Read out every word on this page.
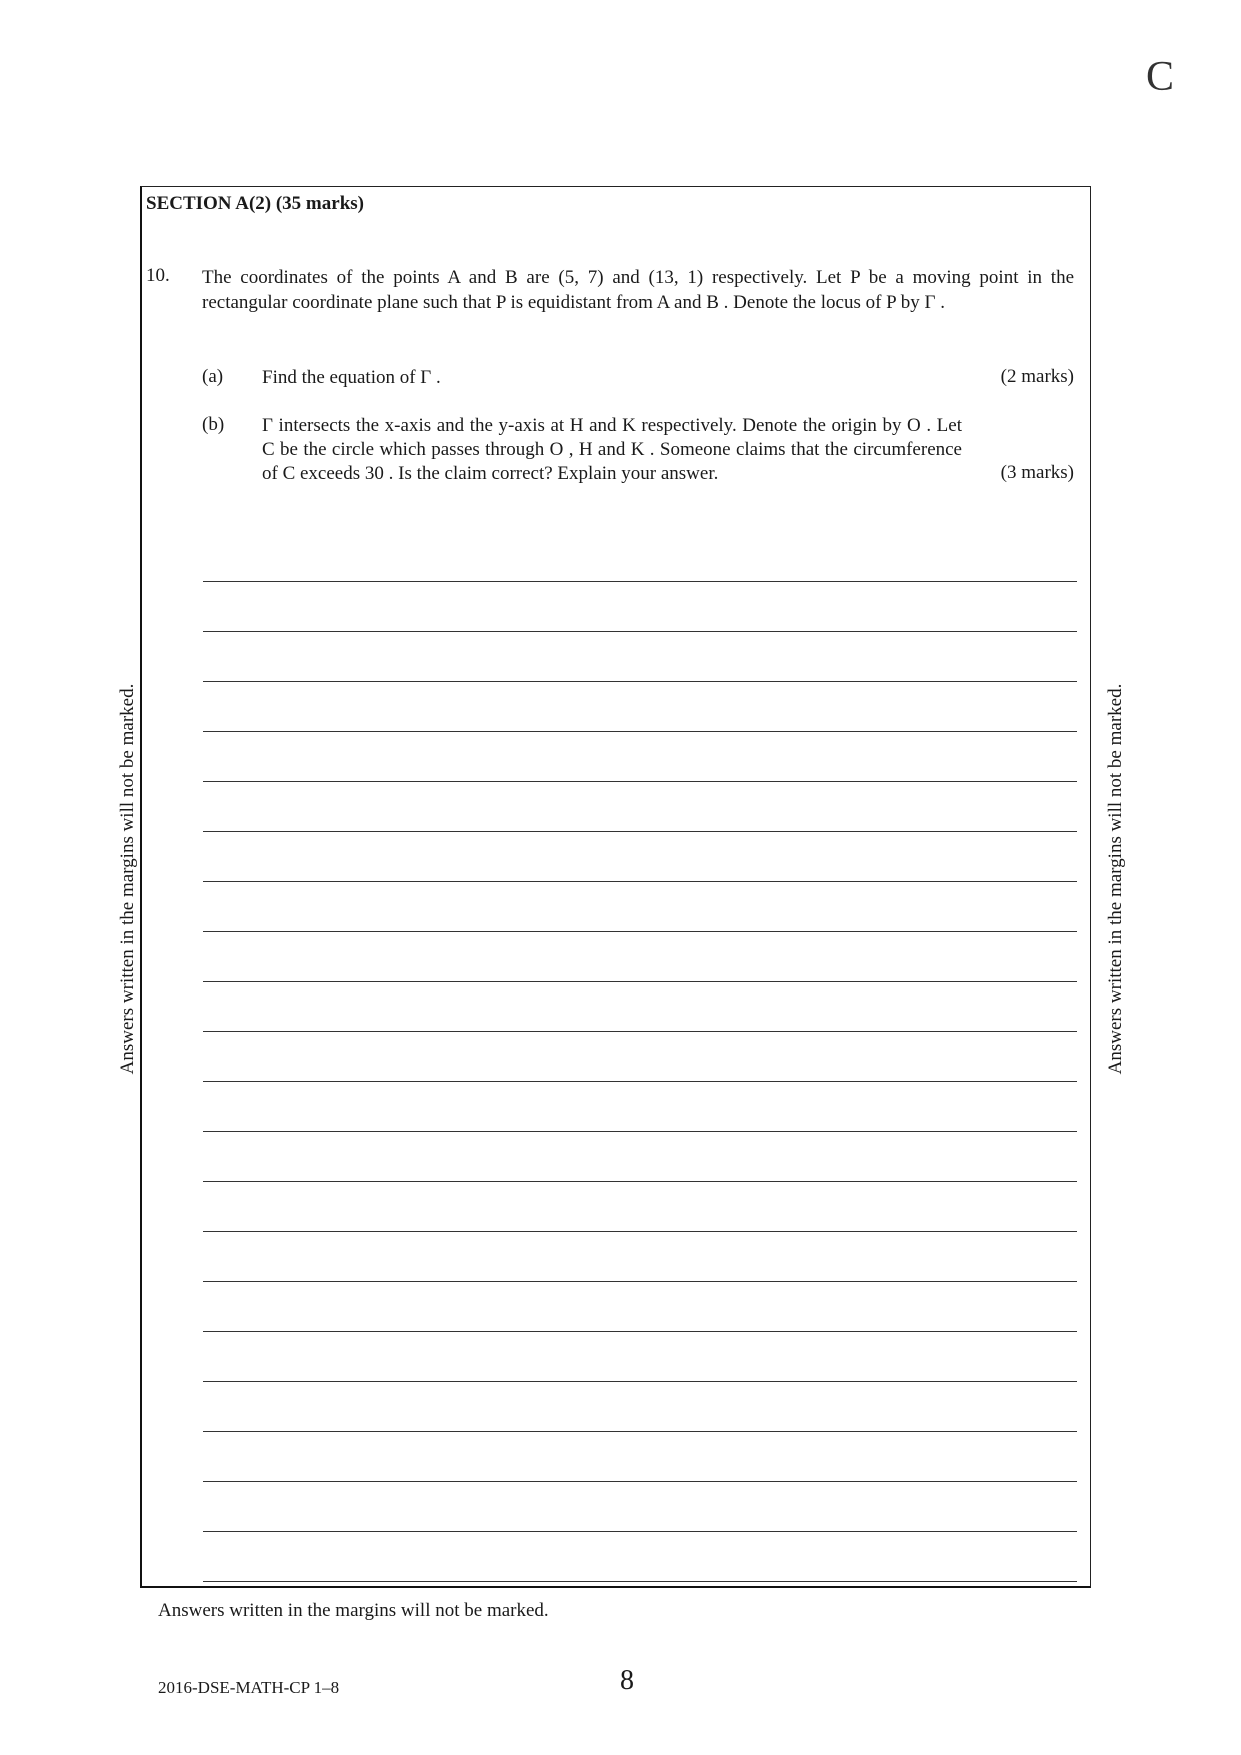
C
SECTION A(2) (35 marks)
10. The coordinates of the points A and B are (5, 7) and (13, 1) respectively. Let P be a moving point in the rectangular coordinate plane such that P is equidistant from A and B . Denote the locus of P by Γ .
(a) Find the equation of Γ .	(2 marks)
(b) Γ intersects the x-axis and the y-axis at H and K respectively. Denote the origin by O . Let C be the circle which passes through O , H and K . Someone claims that the circumference of C exceeds 30 . Is the claim correct? Explain your answer.	(3 marks)
Answers written in the margins will not be marked.	Answers written in the margins will not be marked.
Answers written in the margins will not be marked.
2016-DSE-MATH-CP 1–8	8
